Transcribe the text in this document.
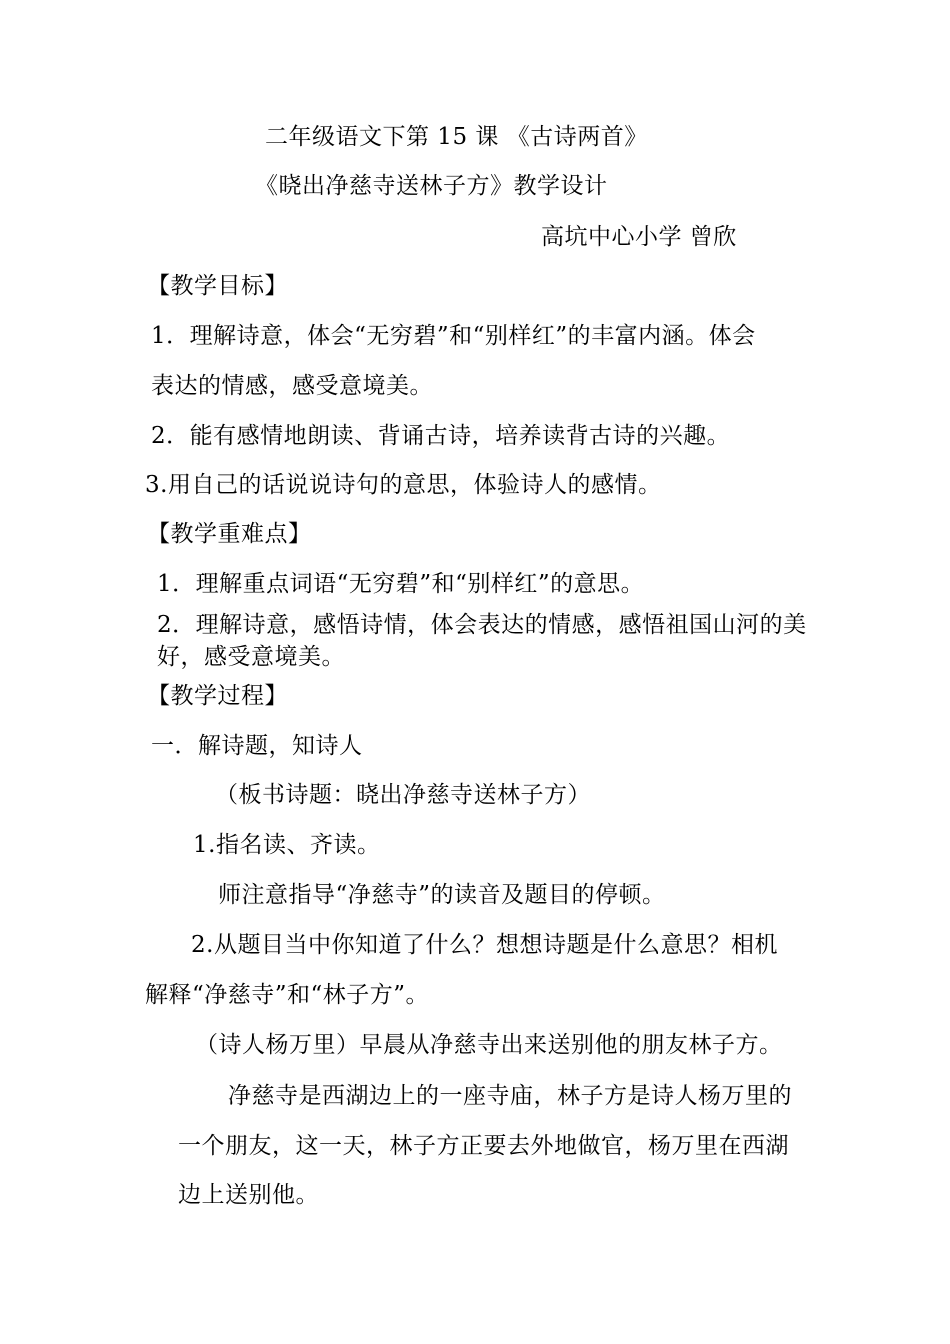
二年级语文下第 15 课 《古诗两首》
《晓出净慈寺送林子方》教学设计
高坑中心小学 曾欣
【教学目标】
1．理解诗意，体会“无穷碧”和“别样红”的丰富内涵。体会
表达的情感，感受意境美。
2．能有感情地朗读、背诵古诗，培养读背古诗的兴趣。
3.用自己的话说说诗句的意思，体验诗人的感情。
【教学重难点】
1．理解重点词语“无穷碧”和“别样红”的意思。
2．理解诗意，感悟诗情，体会表达的情感，感悟祖国山河的美
好，感受意境美。
【教学过程】
一．解诗题，知诗人
（板书诗题：晓出净慈寺送林子方）
1.指名读、齐读。
师注意指导“净慈寺”的读音及题目的停顿。
2.从题目当中你知道了什么？想想诗题是什么意思？相机
解释“净慈寺”和“林子方”。
（诗人杨万里）早晨从净慈寺出来送别他的朋友林子方。
净慈寺是西湖边上的一座寺庙，林子方是诗人杨万里的
一个朋友，这一天，林子方正要去外地做官，杨万里在西湖
边上送别他。
